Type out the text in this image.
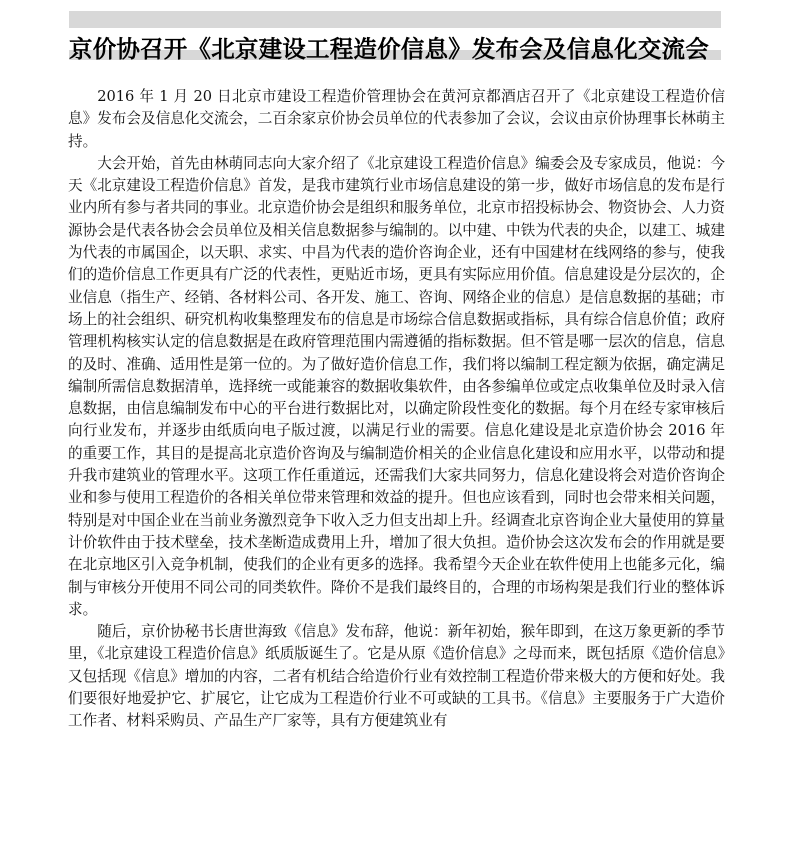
京价协召开《北京建设工程造价信息》发布会及信息化交流会

2016 年 1 月 20 日北京市建设工程造价管理协会在黄河京都酒店召开了《北京建设工程造价信息》发布会及信息化交流会，二百余家京价协会员单位的代表参加了会议，会议由京价协理事长林萌主持。

大会开始，首先由林萌同志向大家介绍了《北京建设工程造价信息》编委会及专家成员，他说：今天《北京建设工程造价信息》首发，是我市建筑行业市场信息建设的第一步，做好市场信息的发布是行业内所有参与者共同的事业。北京造价协会是组织和服务单位，北京市招投标协会、物资协会、人力资源协会是代表各协会会员单位及相关信息数据参与编制的。以中建、中铁为代表的央企，以建工、城建为代表的市属国企，以天职、求实、中昌为代表的造价咨询企业，还有中国建材在线网络的参与，使我们的造价信息工作更具有广泛的代表性，更贴近市场，更具有实际应用价值。信息建设是分层次的，企业信息（指生产、经销、各材料公司、各开发、施工、咨询、网络企业的信息）是信息数据的基础；市场上的社会组织、研究机构收集整理发布的信息是市场综合信息数据或指标，具有综合信息价值；政府管理机构核实认定的信息数据是在政府管理范围内需遵循的指标数据。但不管是哪一层次的信息，信息的及时、准确、适用性是第一位的。为了做好造价信息工作，我们将以编制工程定额为依据，确定满足编制所需信息数据清单，选择统一或能兼容的数据收集软件，由各参编单位或定点收集单位及时录入信息数据，由信息编制发布中心的平台进行数据比对，以确定阶段性变化的数据。每个月在经专家审核后向行业发布，并逐步由纸质向电子版过渡，以满足行业的需要。信息化建设是北京造价协会 2016 年的重要工作，其目的是提高北京造价咨询及与编制造价相关的企业信息化建设和应用水平，以带动和提升我市建筑业的管理水平。这项工作任重道远，还需我们大家共同努力，信息化建设将会对造价咨询企业和参与使用工程造价的各相关单位带来管理和效益的提升。但也应该看到，同时也会带来相关问题，特别是对中国企业在当前业务激烈竞争下收入乏力但支出却上升。经调查北京咨询企业大量使用的算量计价软件由于技术壁垒，技术垄断造成费用上升，增加了很大负担。造价协会这次发布会的作用就是要在北京地区引入竞争机制，使我们的企业有更多的选择。我希望今天企业在软件使用上也能多元化，编制与审核分开使用不同公司的同类软件。降价不是我们最终目的，合理的市场构架是我们行业的整体诉求。

随后，京价协秘书长唐世海致《信息》发布辞，他说：新年初始，猴年即到，在这万象更新的季节里，《北京建设工程造价信息》纸质版诞生了。它是从原《造价信息》之母而来，既包括原《造价信息》又包括现《信息》增加的内容，二者有机结合给造价行业有效控制工程造价带来极大的方便和好处。我们要很好地爱护它、扩展它，让它成为工程造价行业不可或缺的工具书。《信息》主要服务于广大造价工作者、材料采购员、产品生产厂家等，具有方便建筑业有
